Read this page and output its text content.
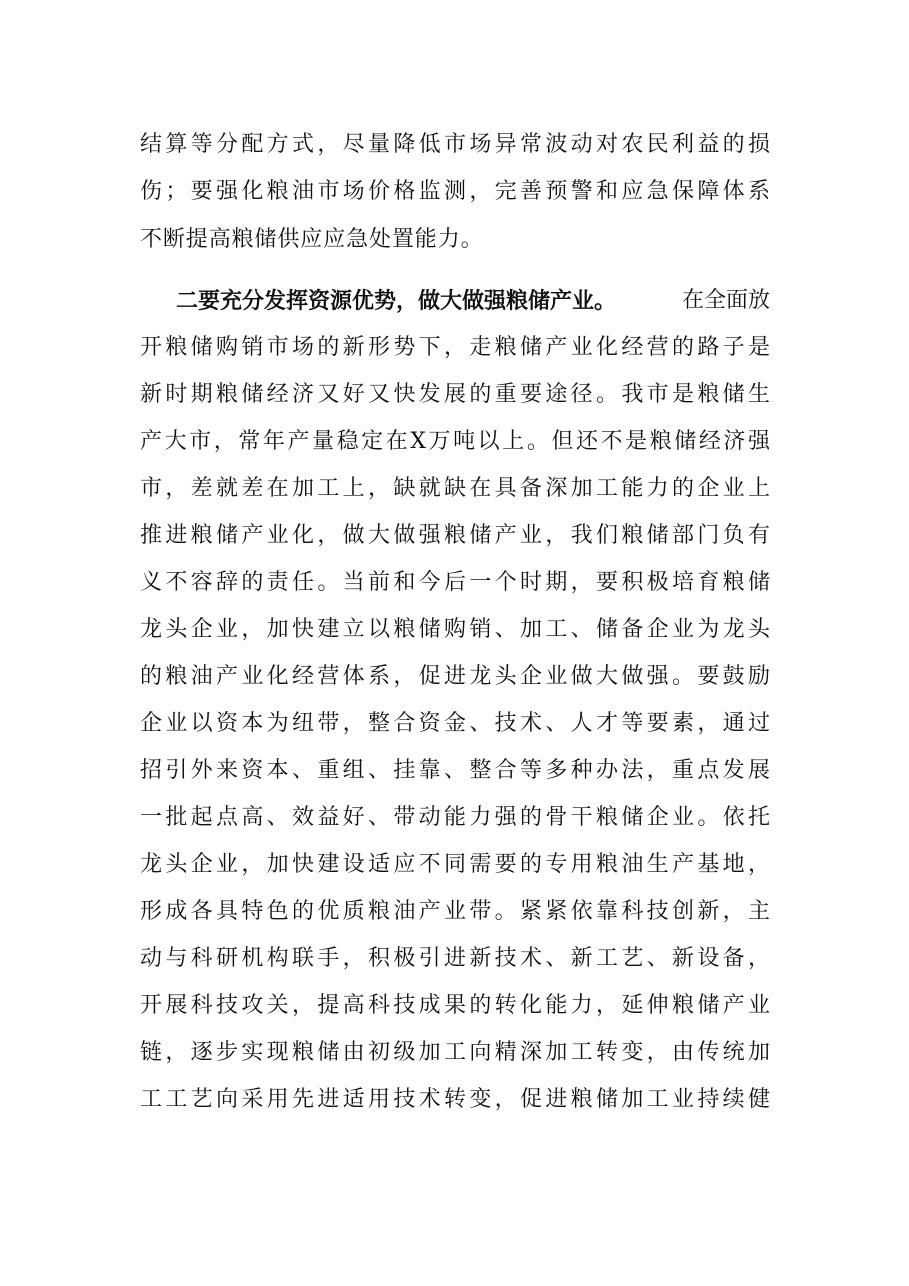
结算等分配方式，尽量降低市场异常波动对农民利益的损
伤；要强化粮油市场价格监测，完善预警和应急保障体系
不断提高粮储供应应急处置能力。
二要充分发挥资源优势，做大做强粮储产业。	在全面放
开粮储购销市场的新形势下，走粮储产业化经营的路子是
新时期粮储经济又好又快发展的重要途径。我市是粮储生
产大市，常年产量稳定在X万吨以上。但还不是粮储经济强
市，差就差在加工上，缺就缺在具备深加工能力的企业上
推进粮储产业化，做大做强粮储产业，我们粮储部门负有
义不容辞的责任。当前和今后一个时期，要积极培育粮储
龙头企业，加快建立以粮储购销、加工、储备企业为龙头
的粮油产业化经营体系，促进龙头企业做大做强。要鼓励
企业以资本为纽带，整合资金、技术、人才等要素，通过
招引外来资本、重组、挂靠、整合等多种办法，重点发展
一批起点高、效益好、带动能力强的骨干粮储企业。依托
龙头企业，加快建设适应不同需要的专用粮油生产基地，
形成各具特色的优质粮油产业带。紧紧依靠科技创新，主
动与科研机构联手，积极引进新技术、新工艺、新设备，
开展科技攻关，提高科技成果的转化能力，延伸粮储产业
链，逐步实现粮储由初级加工向精深加工转变，由传统加
工工艺向采用先进适用技术转变，促进粮储加工业持续健
